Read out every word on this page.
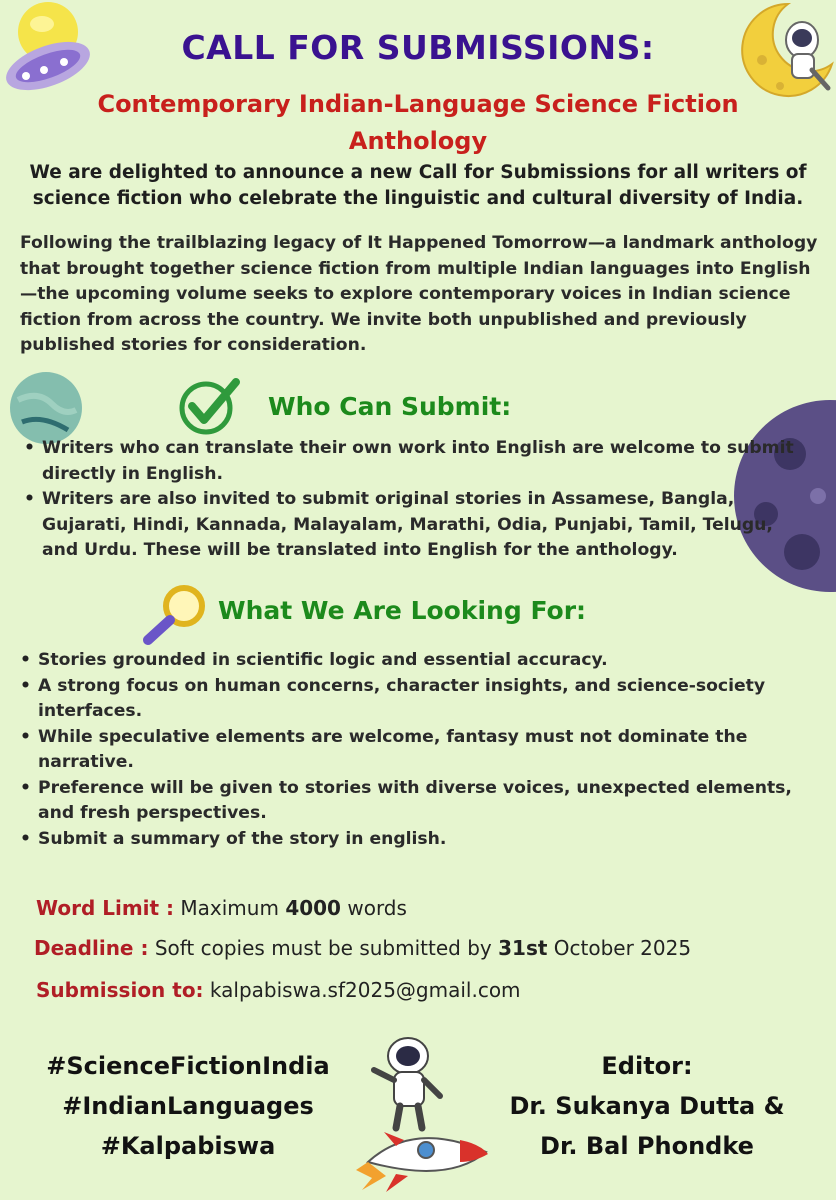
CALL FOR SUBMISSIONS:
Contemporary Indian-Language Science Fiction Anthology
We are delighted to announce a new Call for Submissions for all writers of science fiction who celebrate the linguistic and cultural diversity of India.
Following the trailblazing legacy of It Happened Tomorrow—a landmark anthology that brought together science fiction from multiple Indian languages into English—the upcoming volume seeks to explore contemporary voices in Indian science fiction from across the country. We invite both unpublished and previously published stories for consideration.
Who Can Submit:
• Writers who can translate their own work into English are welcome to submit directly in English.
• Writers are also invited to submit original stories in Assamese, Bangla, Gujarati, Hindi, Kannada, Malayalam, Marathi, Odia, Punjabi, Tamil, Telugu, and Urdu. These will be translated into English for the anthology.
What We Are Looking For:
• Stories grounded in scientific logic and essential accuracy.
• A strong focus on human concerns, character insights, and science-society interfaces.
• While speculative elements are welcome, fantasy must not dominate the narrative.
• Preference will be given to stories with diverse voices, unexpected elements, and fresh perspectives.
• Submit a summary of the story in english.
Word Limit : Maximum 4000 words
Deadline : Soft copies must be submitted by 31st October 2025
Submission to: kalpabiswa.sf2025@gmail.com
#ScienceFictionIndia
#IndianLanguages
#Kalpabiswa
Editor:
Dr. Sukanya Dutta &
Dr. Bal Phondke
